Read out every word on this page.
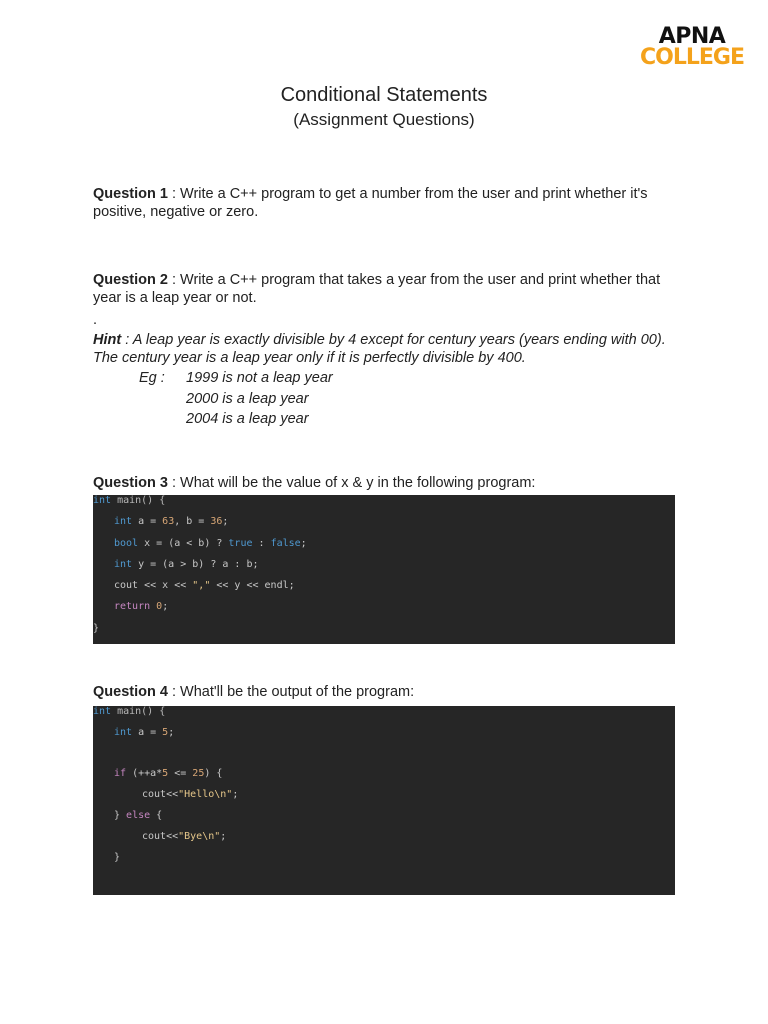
APNA
COLLEGE
Conditional Statements
(Assignment Questions)
Question 1 : Write a C++ program to get a number from the user and print whether it's positive, negative or zero.
Question 2 : Write a C++ program that takes a year from the user and print whether that year is a leap year or not.
.
Hint : A leap year is exactly divisible by 4 except for century years (years ending with 00). The century year is a leap year only if it is perfectly divisible by 400.
Eg : 1999 is not a leap year
2000 is a leap year
2004 is a leap year
Question 3 : What will be the value of x & y in the following program:
int main() {
int a = 63, b = 36;
bool x = (a < b) ? true : false;
int y = (a > b) ? a : b;
cout << x << "," << y << endl;
return 0;
}
Question 4 : What'll be the output of the program:
int main() {
int a = 5;
if (++a*5 <= 25) {
cout<<"Hello\n";
} else {
cout<<"Bye\n";
}
